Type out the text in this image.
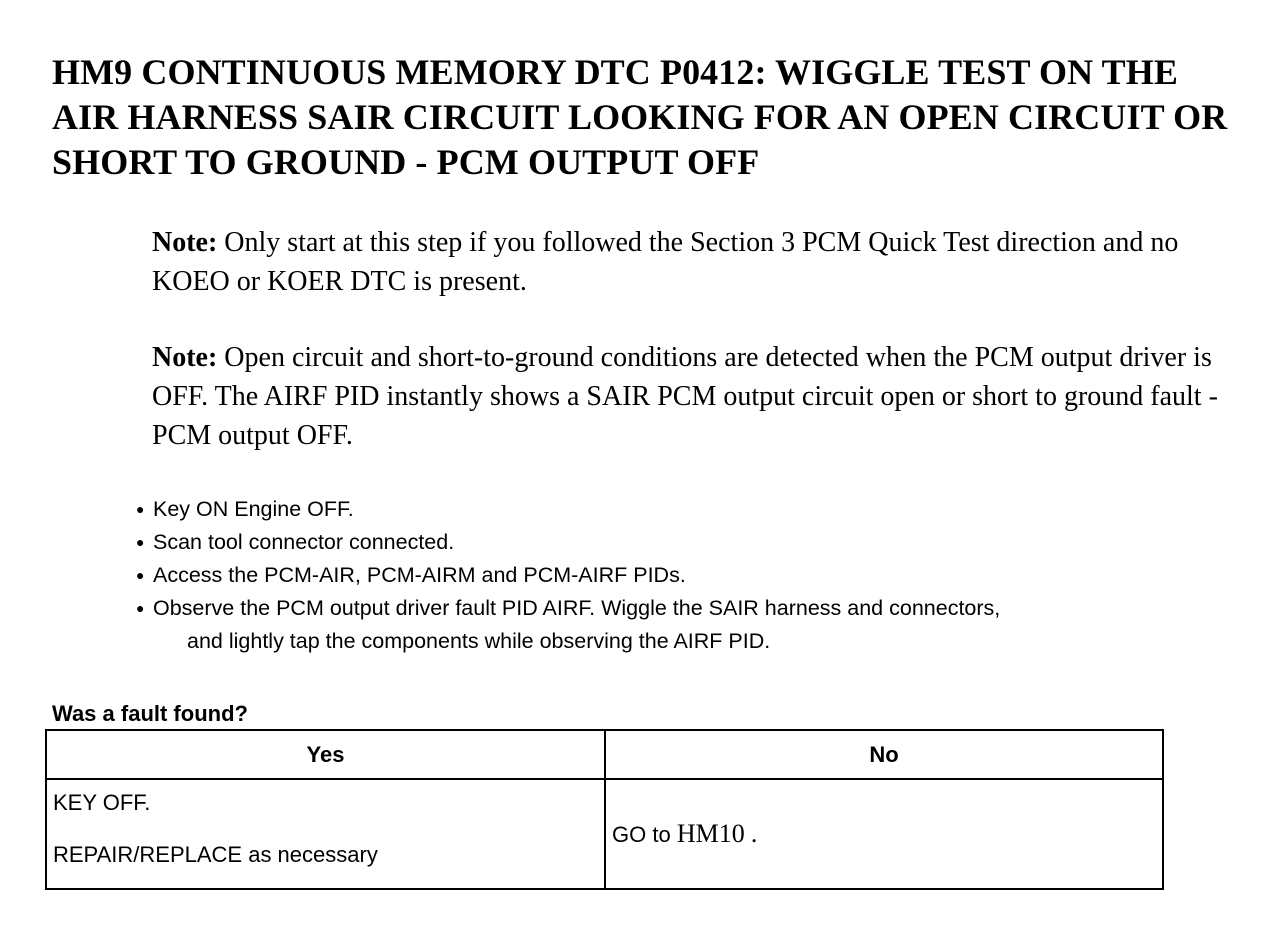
HM9 CONTINUOUS MEMORY DTC P0412: WIGGLE TEST ON THE AIR HARNESS SAIR CIRCUIT LOOKING FOR AN OPEN CIRCUIT OR SHORT TO GROUND - PCM OUTPUT OFF

Note: Only start at this step if you followed the Section 3 PCM Quick Test direction and no KOEO or KOER DTC is present.

Note: Open circuit and short-to-ground conditions are detected when the PCM output driver is OFF. The AIRF PID instantly shows a SAIR PCM output circuit open or short to ground fault - PCM output OFF.

● Key ON Engine OFF.
● Scan tool connector connected.
● Access the PCM-AIR, PCM-AIRM and PCM-AIRF PIDs.
● Observe the PCM output driver fault PID AIRF. Wiggle the SAIR harness and connectors,
and lightly tap the components while observing the AIRF PID.

Was a fault found?

Yes	No

KEY OFF.
REPAIR/REPLACE as necessary	GO to HM10 .
